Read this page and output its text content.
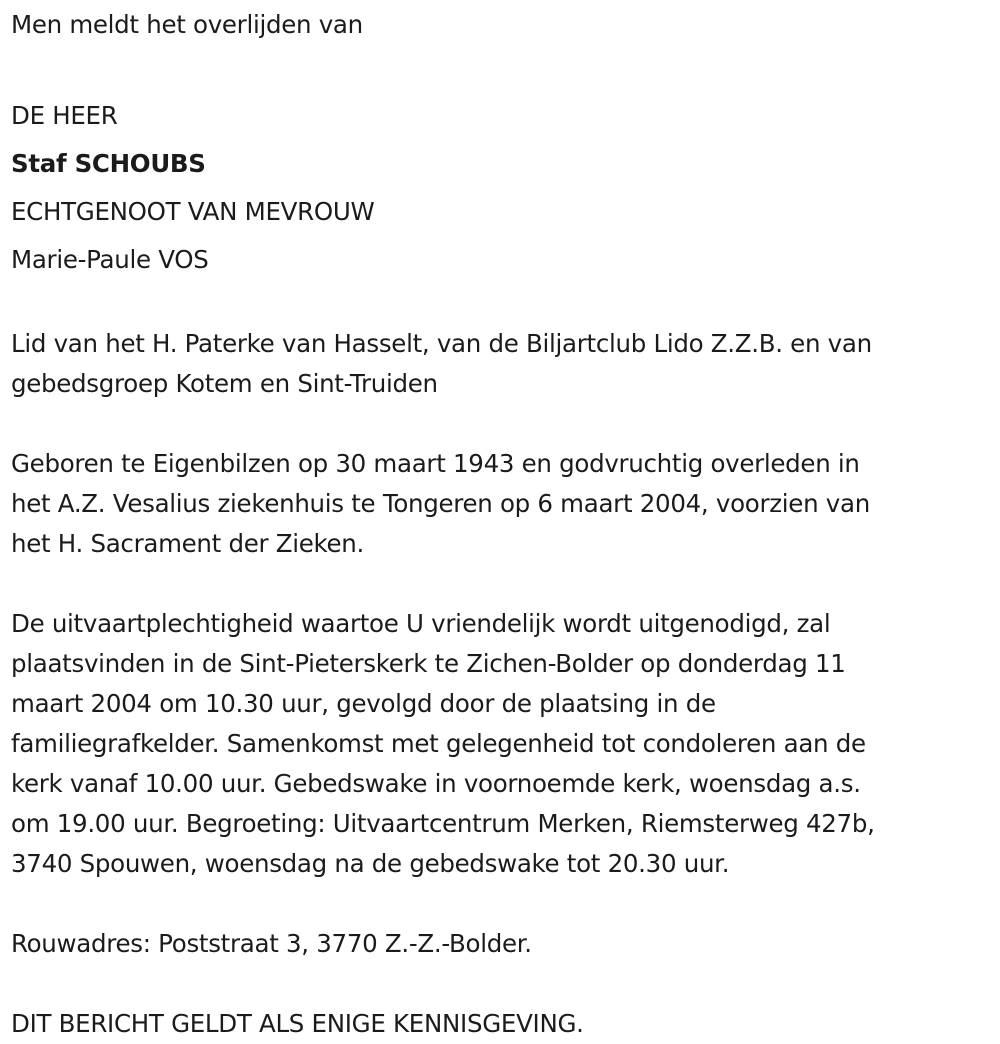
Men meldt het overlijden van
DE HEER
Staf SCHOUBS
ECHTGENOOT VAN MEVROUW
Marie-Paule VOS
Lid van het H. Paterke van Hasselt, van de Biljartclub Lido Z.Z.B. en van
gebedsgroep Kotem en Sint-Truiden
Geboren te Eigenbilzen op 30 maart 1943 en godvruchtig overleden in
het A.Z. Vesalius ziekenhuis te Tongeren op 6 maart 2004, voorzien van
het H. Sacrament der Zieken.
De uitvaartplechtigheid waartoe U vriendelijk wordt uitgenodigd, zal
plaatsvinden in de Sint-Pieterskerk te Zichen-Bolder op donderdag 11
maart 2004 om 10.30 uur, gevolgd door de plaatsing in de
familiegrafkelder. Samenkomst met gelegenheid tot condoleren aan de
kerk vanaf 10.00 uur. Gebedswake in voornoemde kerk, woensdag a.s.
om 19.00 uur. Begroeting: Uitvaartcentrum Merken, Riemsterweg 427b,
3740 Spouwen, woensdag na de gebedswake tot 20.30 uur.
Rouwadres: Poststraat 3, 3770 Z.-Z.-Bolder.
DIT BERICHT GELDT ALS ENIGE KENNISGEVING.
